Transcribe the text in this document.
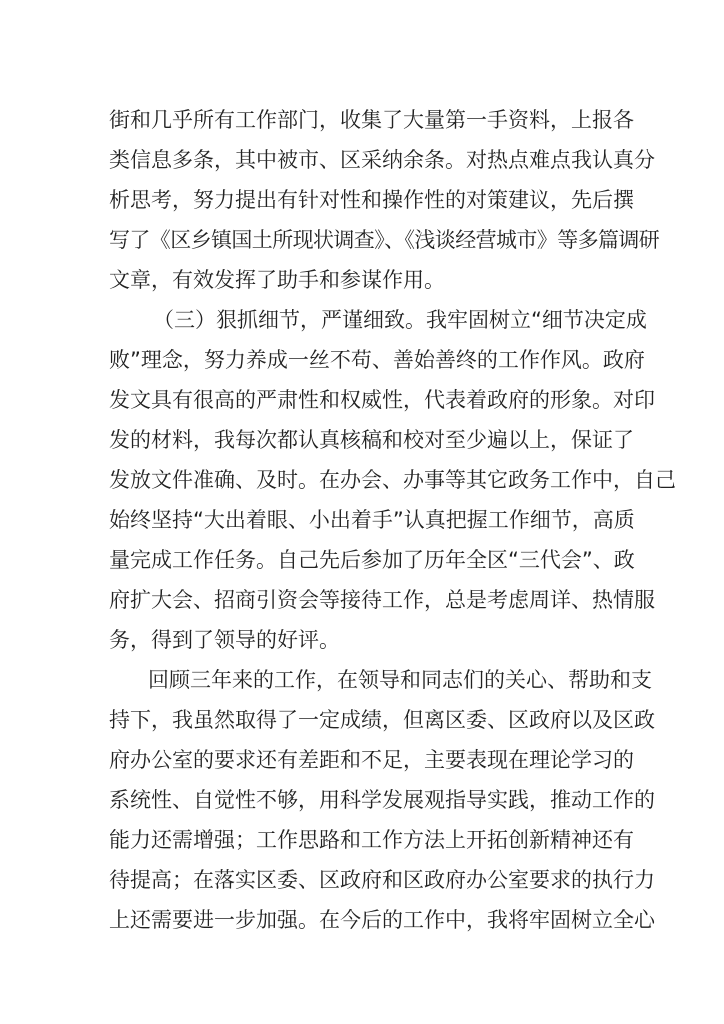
街和几乎所有工作部门，收集了大量第一手资料，上报各
类信息多条，其中被市、区采纳余条。对热点难点我认真分
析思考，努力提出有针对性和操作性的对策建议，先后撰
写了《区乡镇国土所现状调查》、《浅谈经营城市》等多篇调研
文章，有效发挥了助手和参谋作用。
（三）狠抓细节，严谨细致。我牢固树立“细节决定成
败”理念，努力养成一丝不苟、善始善终的工作作风。政府
发文具有很高的严肃性和权威性，代表着政府的形象。对印
发的材料，我每次都认真核稿和校对至少遍以上，保证了
发放文件准确、及时。在办会、办事等其它政务工作中，自己
始终坚持“大出着眼、小出着手”认真把握工作细节，高质
量完成工作任务。自己先后参加了历年全区“三代会”、政
府扩大会、招商引资会等接待工作，总是考虑周详、热情服
务，得到了领导的好评。
回顾三年来的工作，在领导和同志们的关心、帮助和支
持下，我虽然取得了一定成绩，但离区委、区政府以及区政
府办公室的要求还有差距和不足，主要表现在理论学习的
系统性、自觉性不够，用科学发展观指导实践，推动工作的
能力还需增强；工作思路和工作方法上开拓创新精神还有
待提高；在落实区委、区政府和区政府办公室要求的执行力
上还需要进一步加强。在今后的工作中，我将牢固树立全心
